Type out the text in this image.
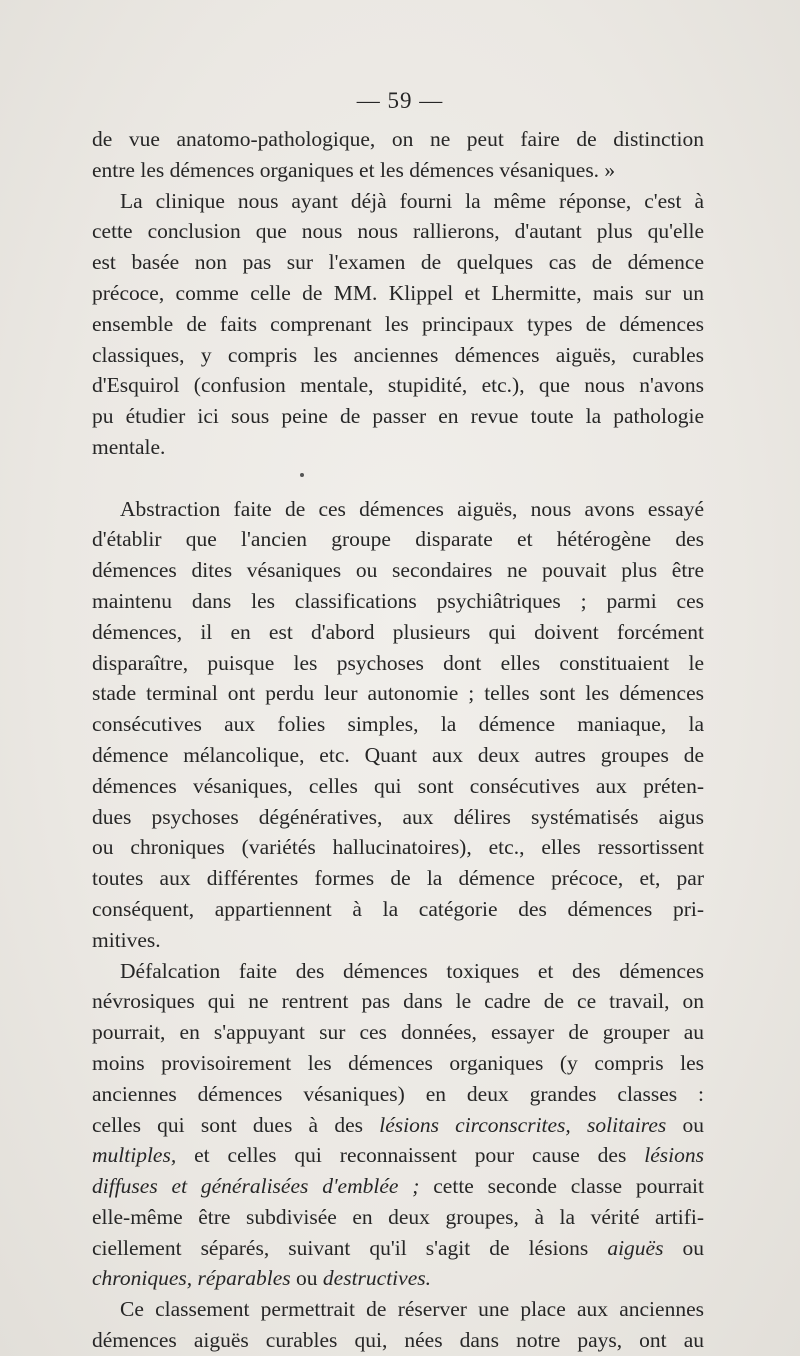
— 59 —
de vue anatomo-pathologique, on ne peut faire de distinction
entre les démences organiques et les démences vésaniques. »
La clinique nous ayant déjà fourni la même réponse, c'est à
cette conclusion que nous nous rallierons, d'autant plus qu'elle
est basée non pas sur l'examen de quelques cas de démence
précoce, comme celle de MM. Klippel et Lhermitte, mais sur un
ensemble de faits comprenant les principaux types de démences
classiques, y compris les anciennes démences aiguës, curables
d'Esquirol (confusion mentale, stupidité, etc.), que nous n'avons
pu étudier ici sous peine de passer en revue toute la pathologie
mentale.
Abstraction faite de ces démences aiguës, nous avons essayé
d'établir que l'ancien groupe disparate et hétérogène des
démences dites vésaniques ou secondaires ne pouvait plus être
maintenu dans les classifications psychiâtriques ; parmi ces
démences, il en est d'abord plusieurs qui doivent forcément
disparaître, puisque les psychoses dont elles constituaient le
stade terminal ont perdu leur autonomie ; telles sont les démences
consécutives aux folies simples, la démence maniaque, la
démence mélancolique, etc. Quant aux deux autres groupes de
démences vésaniques, celles qui sont consécutives aux préten-
dues psychoses dégénératives, aux délires systématisés aigus
ou chroniques (variétés hallucinatoires), etc., elles ressortissent
toutes aux différentes formes de la démence précoce, et, par
conséquent, appartiennent à la catégorie des démences pri-
mitives.
Défalcation faite des démences toxiques et des démences
névrosiques qui ne rentrent pas dans le cadre de ce travail, on
pourrait, en s'appuyant sur ces données, essayer de grouper au
moins provisoirement les démences organiques (y compris les
anciennes démences vésaniques) en deux grandes classes :
celles qui sont dues à des lésions circonscrites, solitaires ou
multiples, et celles qui reconnaissent pour cause des lésions
diffuses et généralisées d'emblée ; cette seconde classe pourrait
elle-même être subdivisée en deux groupes, à la vérité artifi-
ciellement séparés, suivant qu'il s'agit de lésions aiguës ou
chroniques, réparables ou destructives.
Ce classement permettrait de réserver une place aux anciennes
démences aiguës curables qui, nées dans notre pays, ont au
